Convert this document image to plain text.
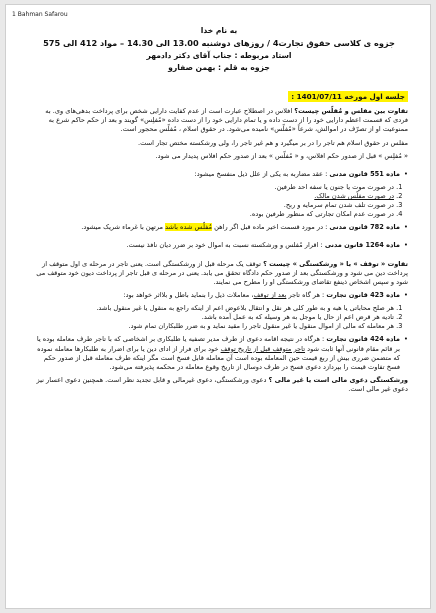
1 Bahman Safarou
به نام خدا
جزوه ی کلاسی حقوق تجارت4 / روزهای دوشنبه 13.00 الی 14.30 – مواد 412 الی 575
استاد مربوطه : جناب آقای دکتر دادمهر
جزوه به قلم : بهمن صفارو
جلسه اول مورخه 1401/07/11 :

تفاوت بین مفلس و مُفلّس چیست؟ افلاس در اصطلاح عبارت است از عدم کفایت دارایی شخص برای پرداخت بدهی‌های وی. به فردی که قسمت اعظم دارایی خود را از دست داده و یا تمام دارایی خود را از دست داده «مُفلِس» گویند و بعد از حکم حاکم شرع به ممنوعیت او از تصرّف در اموالش، شرعاً «مُفلّس» نامیده می‌شود. در حقوق اسلام ، مُفلّس محجور است.

مفلس در حقوق اسلام هم تاجر را در بر میگیرد و هم غیر تاجر را، ولی ورشکسته مختص تجار است.

« مُفلِس » قبل از صدور حکم افلاس، و « مُفلّس » بعد از صدور حکم افلاس پدیدار می شود.

• ماده 551 قانون مدنی : عقد مضاربه به یکی از علل ذیل منفسخ میشود:

1. در صورت موت یا جنون یا سفه احد طرفین.
2. در صورت مفلّس شدن مالک.
3. در صورت تلف شدن تمام سرمایه و ربح.
4. در صورت عدم امکان تجارتی که منظور طرفین بوده.

• ماده 782 قانون مدنی : در مورد قسمت اخیر ماده قبل اگر راهن مُفلّس شده باشد مرتهن با غرماء شریک میشود.

• ماده 1264 قانون مدنی : اقرار مُفلس و ورشکسته نسبت به اموال خود بر ضرر دیان نافذ نیست.

تفاوت « توقف » با « ورشکستگی » چیست ؟ توقف یک مرحله قبل از ورشکستگی است. یعنی تاجر در مرحله ی اول متوقف از پرداخت دین می شود و ورشکستگی بعد از صدور حکم دادگاه تحقق می یابد. یعنی در مرحله ی قبل تاجر از پرداخت دیون خود متوقف می شود و سپس اشخاص ذینفع تقاضای ورشکستگی او را مطرح می نمایند.

• ماده 423 قانون تجارت : هر گاه تاجر بعد از توقف، معاملات ذیل را بنماید باطل و بلااثر خواهد بود:

1. هر صلح محاباتی یا هبه و به طور کلی هر نقل و انتقال بلاعوض اعم از اینکه راجع به منقول یا غیر منقول باشد.
2. تادیه هر قرض اعم از حال یا موجل به هر وسیله که به عمل آمده باشد.
3. هر معامله که مالی از اموال منقول یا غیر منقول تاجر را مقید نماید و به ضرر طلبکاران تمام شود.

• ماده 424 قانون تجارت : هرگاه در نتیجه اقامه دعوی از طرف مدیر تصفیه یا طلبکاری بر اشخاصی که با تاجر طرف معامله بوده یا بر قائم مقام قانونی آنها ثابت شود تاجر متوقف قبل از تاریخ توقف خود برای فرار از ادای دین یا برای اضرار به طلبکارها معامله نموده که متضمن ضرری بیش از ربع قیمت حین المعامله بوده است آن معامله قابل فسخ است مگر اینکه طرف معامله قبل از صدور حکم فسخ تفاوت قیمت را بپردازد دعوی فسخ در ظرف دوسال از تاریخ وقوع معامله در محکمه پذیرفته می‌شود.

ورشکستگی دعوی مالی است یا غیر مالی ؟ دعوی ورشکستگی، دعوی غیرمالی و قابل تجدید نظر است. همچنین دعوی اعسار نیز دعوی غیر مالی است.
